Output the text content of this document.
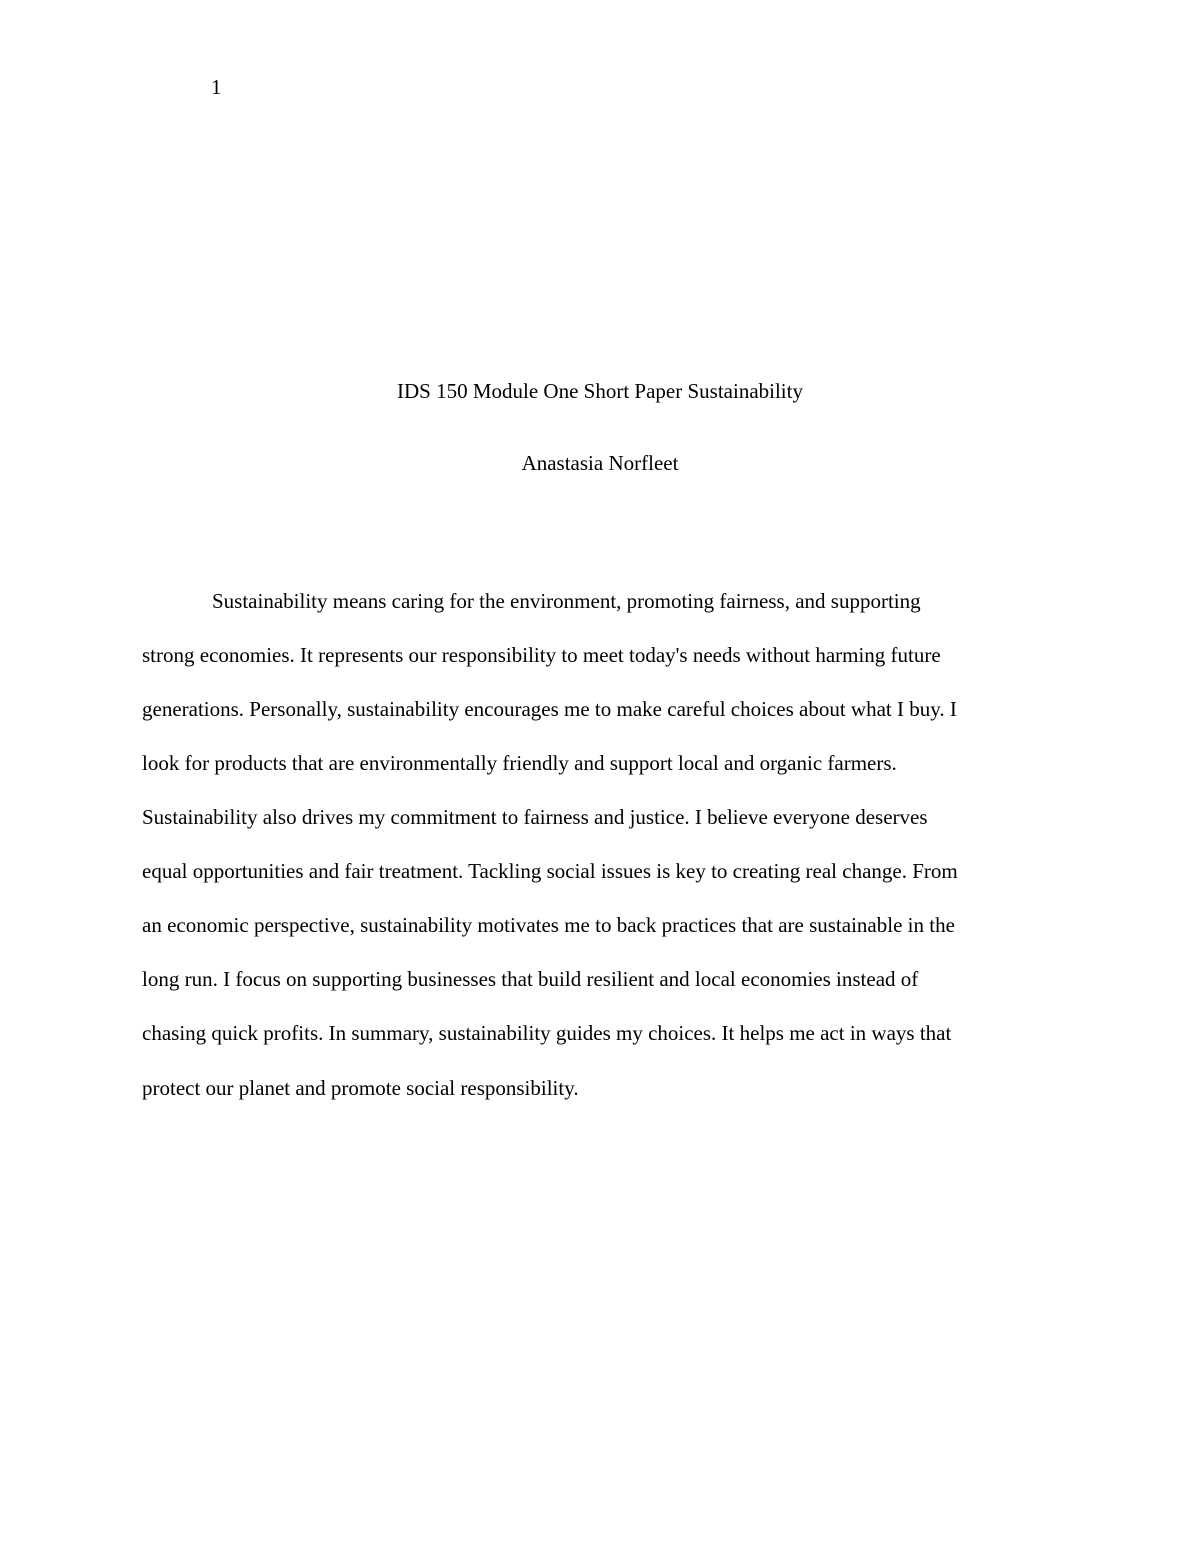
1
IDS 150 Module One Short Paper Sustainability
Anastasia Norfleet
Sustainability means caring for the environment, promoting fairness, and supporting
strong economies. It represents our responsibility to meet today's needs without harming future
generations. Personally, sustainability encourages me to make careful choices about what I buy. I
look for products that are environmentally friendly and support local and organic farmers.
Sustainability also drives my commitment to fairness and justice. I believe everyone deserves
equal opportunities and fair treatment. Tackling social issues is key to creating real change. From
an economic perspective, sustainability motivates me to back practices that are sustainable in the
long run. I focus on supporting businesses that build resilient and local economies instead of
chasing quick profits. In summary, sustainability guides my choices. It helps me act in ways that
protect our planet and promote social responsibility.
